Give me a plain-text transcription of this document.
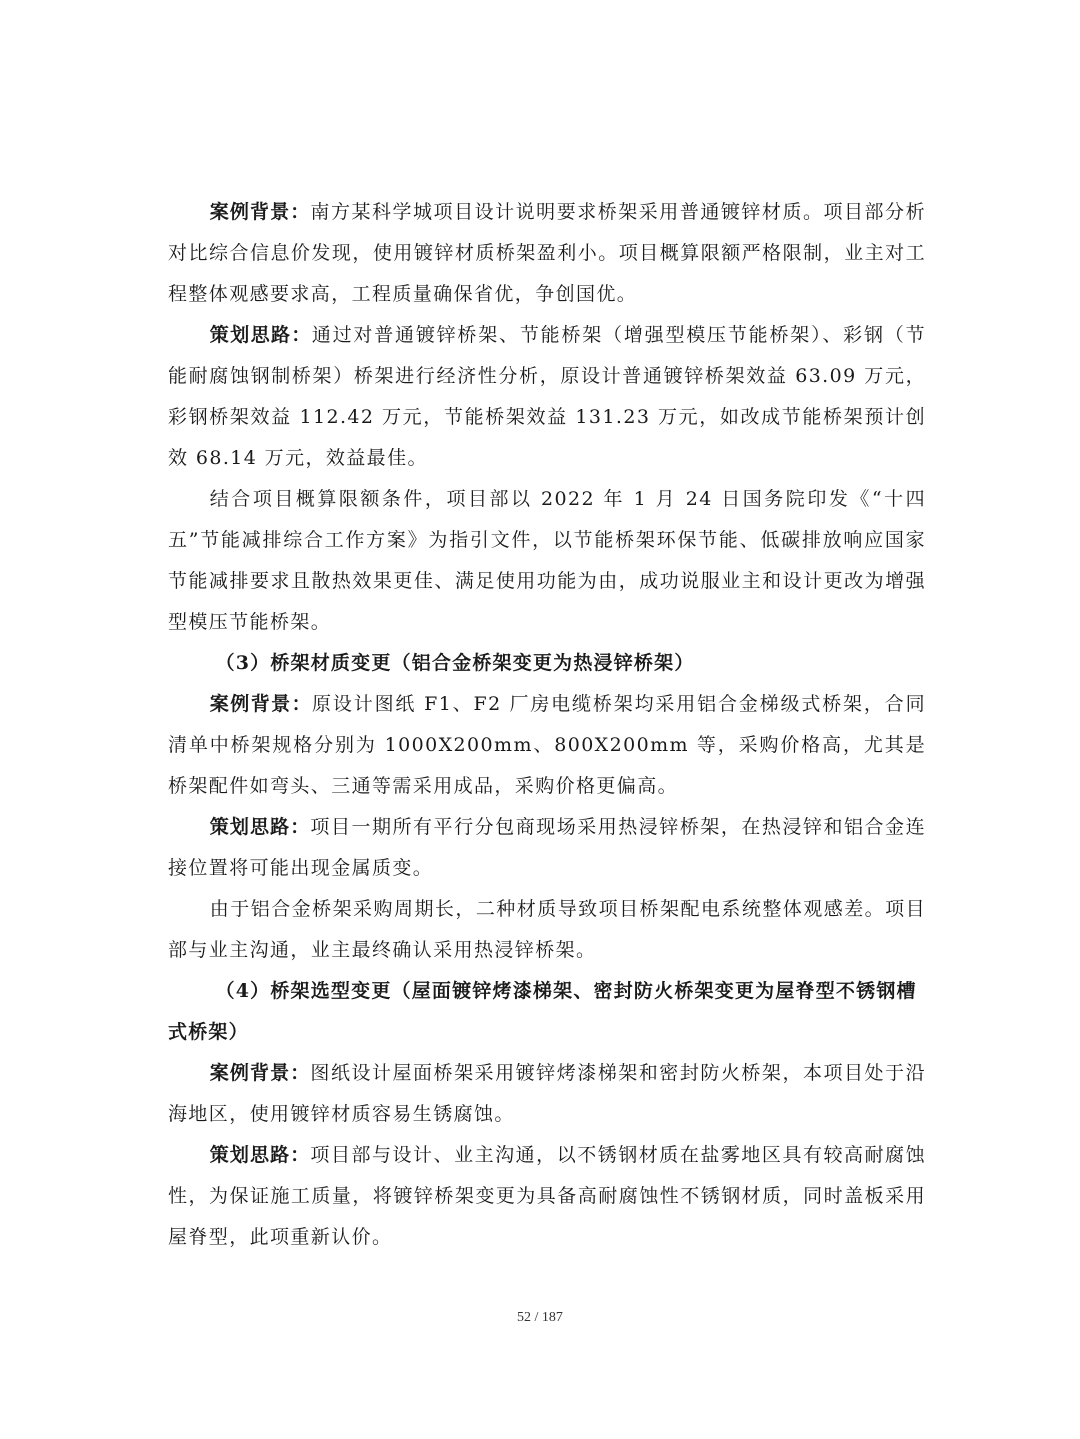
案例背景：南方某科学城项目设计说明要求桥架采用普通镀锌材质。项目部分析对比综合信息价发现，使用镀锌材质桥架盈利小。项目概算限额严格限制，业主对工程整体观感要求高，工程质量确保省优，争创国优。

策划思路：通过对普通镀锌桥架、节能桥架（增强型模压节能桥架）、彩钢（节能耐腐蚀钢制桥架）桥架进行经济性分析，原设计普通镀锌桥架效益 63.09 万元，彩钢桥架效益 112.42 万元，节能桥架效益 131.23 万元，如改成节能桥架预计创效 68.14 万元，效益最佳。

结合项目概算限额条件，项目部以 2022 年 1 月 24 日国务院印发《“十四五”节能减排综合工作方案》为指引文件，以节能桥架环保节能、低碳排放响应国家节能减排要求且散热效果更佳、满足使用功能为由，成功说服业主和设计更改为增强型模压节能桥架。

（3）桥架材质变更（铝合金桥架变更为热浸锌桥架）

案例背景：原设计图纸 F1、F2 厂房电缆桥架均采用铝合金梯级式桥架，合同清单中桥架规格分别为 1000X200mm、800X200mm 等，采购价格高，尤其是桥架配件如弯头、三通等需采用成品，采购价格更偏高。

策划思路：项目一期所有平行分包商现场采用热浸锌桥架，在热浸锌和铝合金连接位置将可能出现金属质变。

由于铝合金桥架采购周期长，二种材质导致项目桥架配电系统整体观感差。项目部与业主沟通，业主最终确认采用热浸锌桥架。

（4）桥架选型变更（屋面镀锌烤漆梯架、密封防火桥架变更为屋脊型不锈钢槽式桥架）

案例背景：图纸设计屋面桥架采用镀锌烤漆梯架和密封防火桥架，本项目处于沿海地区，使用镀锌材质容易生锈腐蚀。

策划思路：项目部与设计、业主沟通，以不锈钢材质在盐雾地区具有较高耐腐蚀性，为保证施工质量，将镀锌桥架变更为具备高耐腐蚀性不锈钢材质，同时盖板采用屋脊型，此项重新认价。

52 / 187
